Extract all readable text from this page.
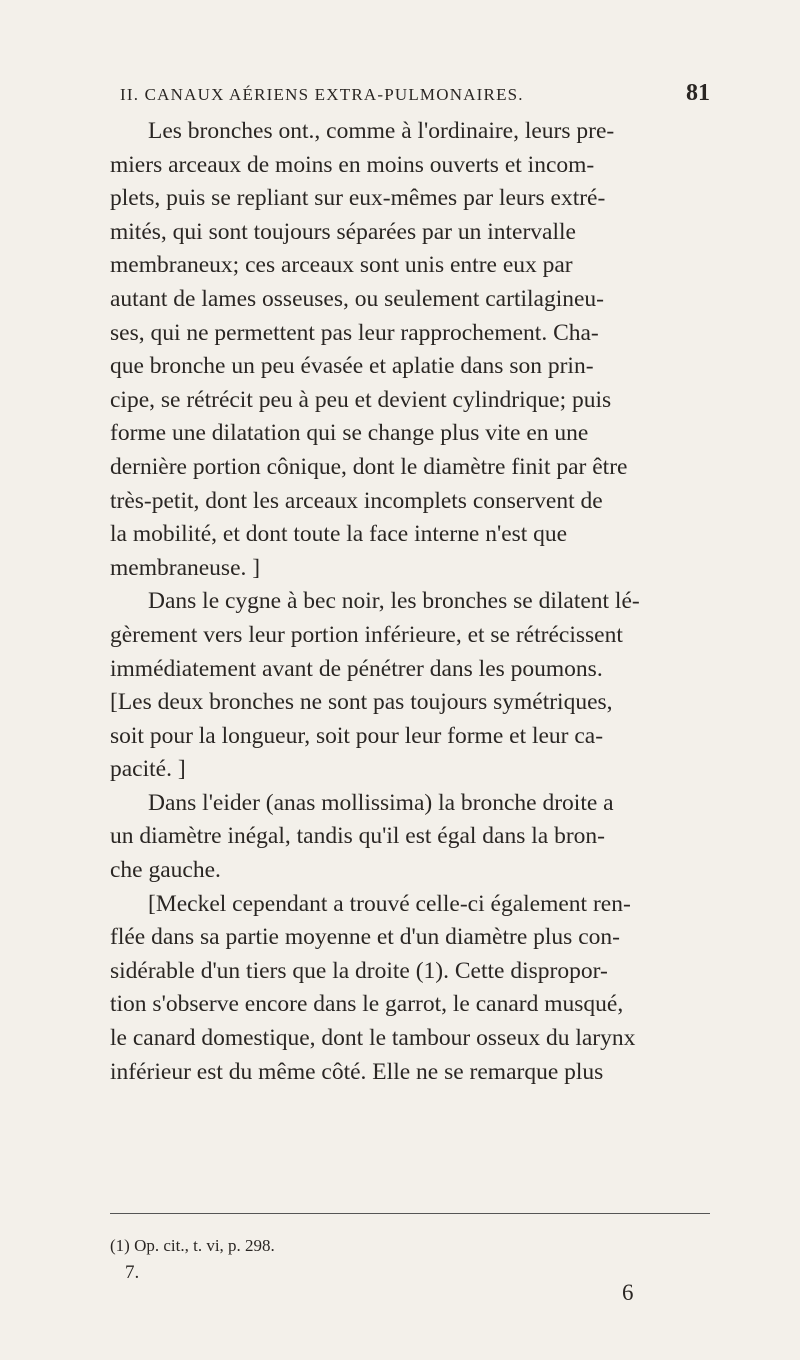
II. CANAUX AÉRIENS EXTRA-PULMONAIRES.	81
Les bronches ont., comme à l'ordinaire, leurs pre-
miers arceaux de moins en moins ouverts et incom-
plets, puis se repliant sur eux-mêmes par leurs extré-
mités, qui sont toujours séparées par un intervalle
membraneux; ces arceaux sont unis entre eux par
autant de lames osseuses, ou seulement cartilagineu-
ses, qui ne permettent pas leur rapprochement. Cha-
que bronche un peu évasée et aplatie dans son prin-
cipe, se rétrécit peu à peu et devient cylindrique; puis
forme une dilatation qui se change plus vite en une
dernière portion cônique, dont le diamètre finit par être
très-petit, dont les arceaux incomplets conservent de
la mobilité, et dont toute la face interne n'est que
membraneuse. ]
Dans le cygne à bec noir, les bronches se dilatent lé-
gèrement vers leur portion inférieure, et se rétrécissent
immédiatement avant de pénétrer dans les poumons.
[Les deux bronches ne sont pas toujours symétriques,
soit pour la longueur, soit pour leur forme et leur ca-
pacité. ]
Dans l'eider (anas mollissima) la bronche droite a
un diamètre inégal, tandis qu'il est égal dans la bron-
che gauche.
[Meckel cependant a trouvé celle-ci également ren-
flée dans sa partie moyenne et d'un diamètre plus con-
sidérable d'un tiers que la droite (1). Cette dispropor-
tion s'observe encore dans le garrot, le canard musqué,
le canard domestique, dont le tambour osseux du larynx
inférieur est du même côté. Elle ne se remarque plus
(1) Op. cit., t. vi, p. 298.
7.
6
